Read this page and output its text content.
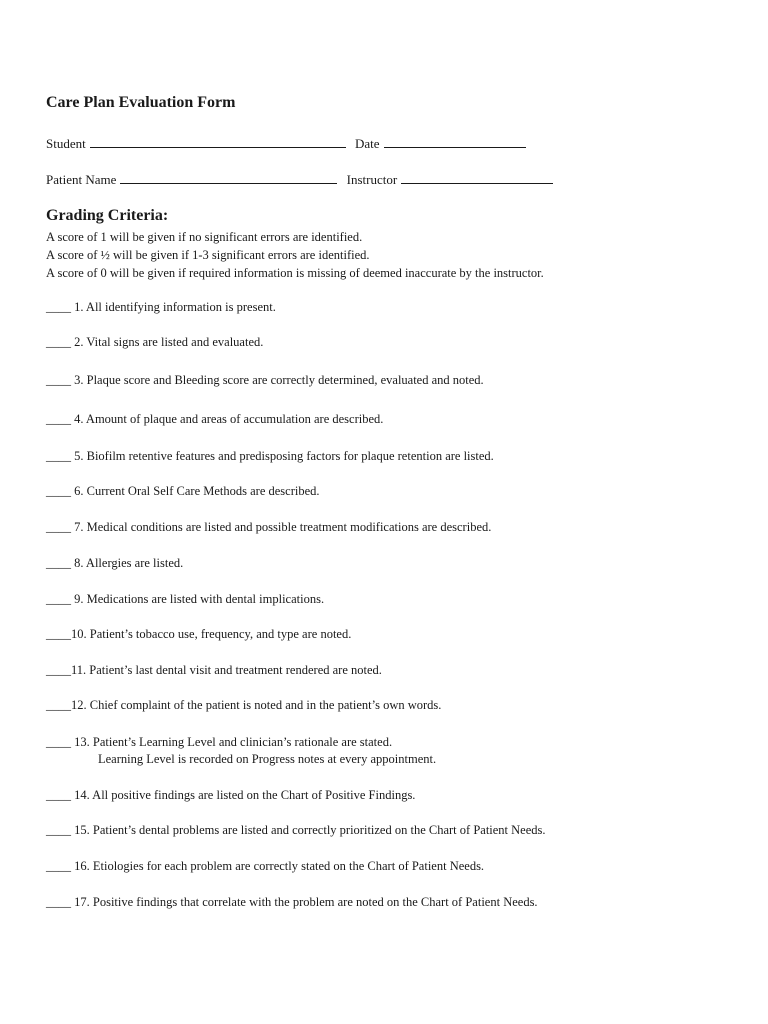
Care Plan Evaluation Form
Student	Date
Patient Name	Instructor
Grading Criteria:
A score of 1 will be given if no significant errors are identified.
A score of ½ will be given if 1-3 significant errors are identified.
A score of 0 will be given if required information is missing of deemed inaccurate by the instructor.
____ 1. All identifying information is present.
____ 2. Vital signs are listed and evaluated.
____ 3. Plaque score and Bleeding score are correctly determined, evaluated and noted.
____ 4. Amount of plaque and areas of accumulation are described.
____ 5. Biofilm retentive features and predisposing factors for plaque retention are listed.
____ 6. Current Oral Self Care Methods are described.
____ 7. Medical conditions are listed and possible treatment modifications are described.
____ 8. Allergies are listed.
____ 9. Medications are listed with dental implications.
____10. Patient’s tobacco use, frequency, and type are noted.
____11. Patient’s last dental visit and treatment rendered are noted.
____12. Chief complaint of the patient is noted and in the patient’s own words.
____ 13. Patient’s Learning Level and clinician’s rationale are stated.
Learning Level is recorded on Progress notes at every appointment.
____ 14. All positive findings are listed on the Chart of Positive Findings.
____ 15. Patient’s dental problems are listed and correctly prioritized on the Chart of Patient Needs.
____ 16. Etiologies for each problem are correctly stated on the Chart of Patient Needs.
____ 17. Positive findings that correlate with the problem are noted on the Chart of Patient Needs.
